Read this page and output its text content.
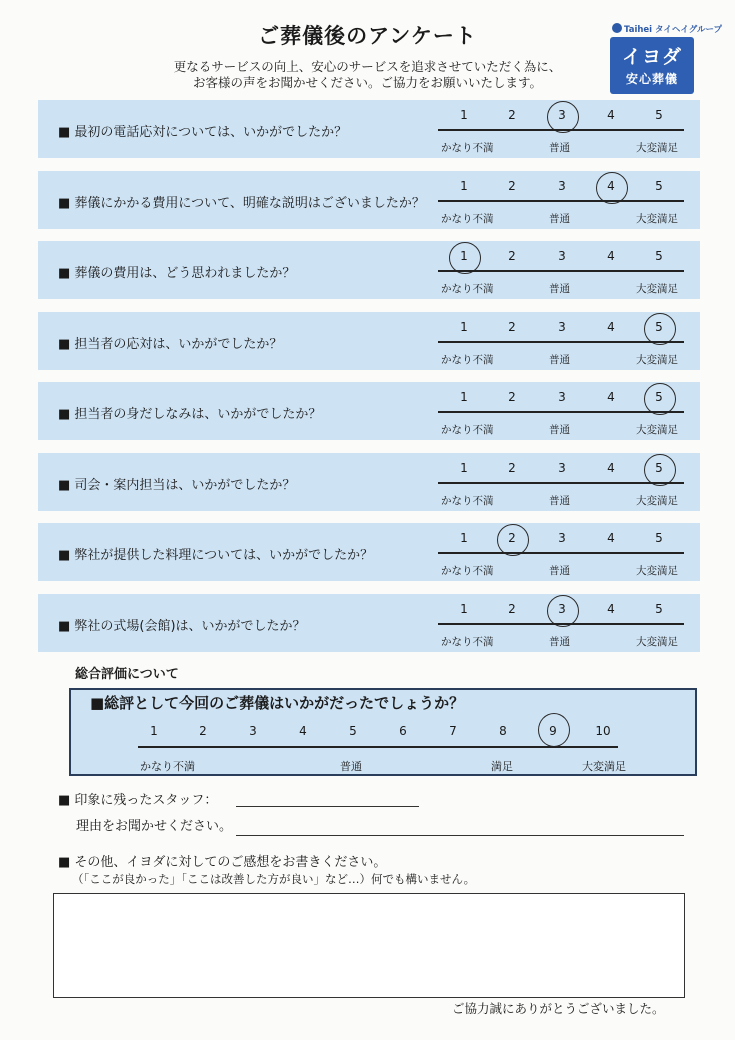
ご葬儀後のアンケート
更なるサービスの向上、安心のサービスを追求させていただく為に、
お客様の声をお聞かせください。ご協力をお願いいたします。
Taihei タイヘイグループ
イヨダ
安心葬儀
■ 最初の電話応対については、いかがでしたか？
1	2	3	4	5
かなり不満	普通	大変満足
■ 葬儀にかかる費用について、明確な説明はございましたか？
1	2	3	4	5
かなり不満	普通	大変満足
■ 葬儀の費用は、どう思われましたか？
1	2	3	4	5
かなり不満	普通	大変満足
■ 担当者の応対は、いかがでしたか？
1	2	3	4	5
かなり不満	普通	大変満足
■ 担当者の身だしなみは、いかがでしたか？
1	2	3	4	5
かなり不満	普通	大変満足
■ 司会・案内担当は、いかがでしたか？
1	2	3	4	5
かなり不満	普通	大変満足
■ 弊社が提供した料理については、いかがでしたか？
1	2	3	4	5
かなり不満	普通	大変満足
■ 弊社の式場(会館)は、いかがでしたか？
1	2	3	4	5
かなり不満	普通	大変満足
総合評価について
■総評として今回のご葬儀はいかがだったでしょうか？
1	2	3	4	5	6	7	8	9	10
かなり不満	普通	満足	大変満足
■ 印象に残ったスタッフ：
理由をお聞かせください。
■ その他、イヨダに対してのご感想をお書きください。
（「ここが良かった」「ここは改善した方が良い」など…）何でも構いません。
ご協力誠にありがとうございました。
